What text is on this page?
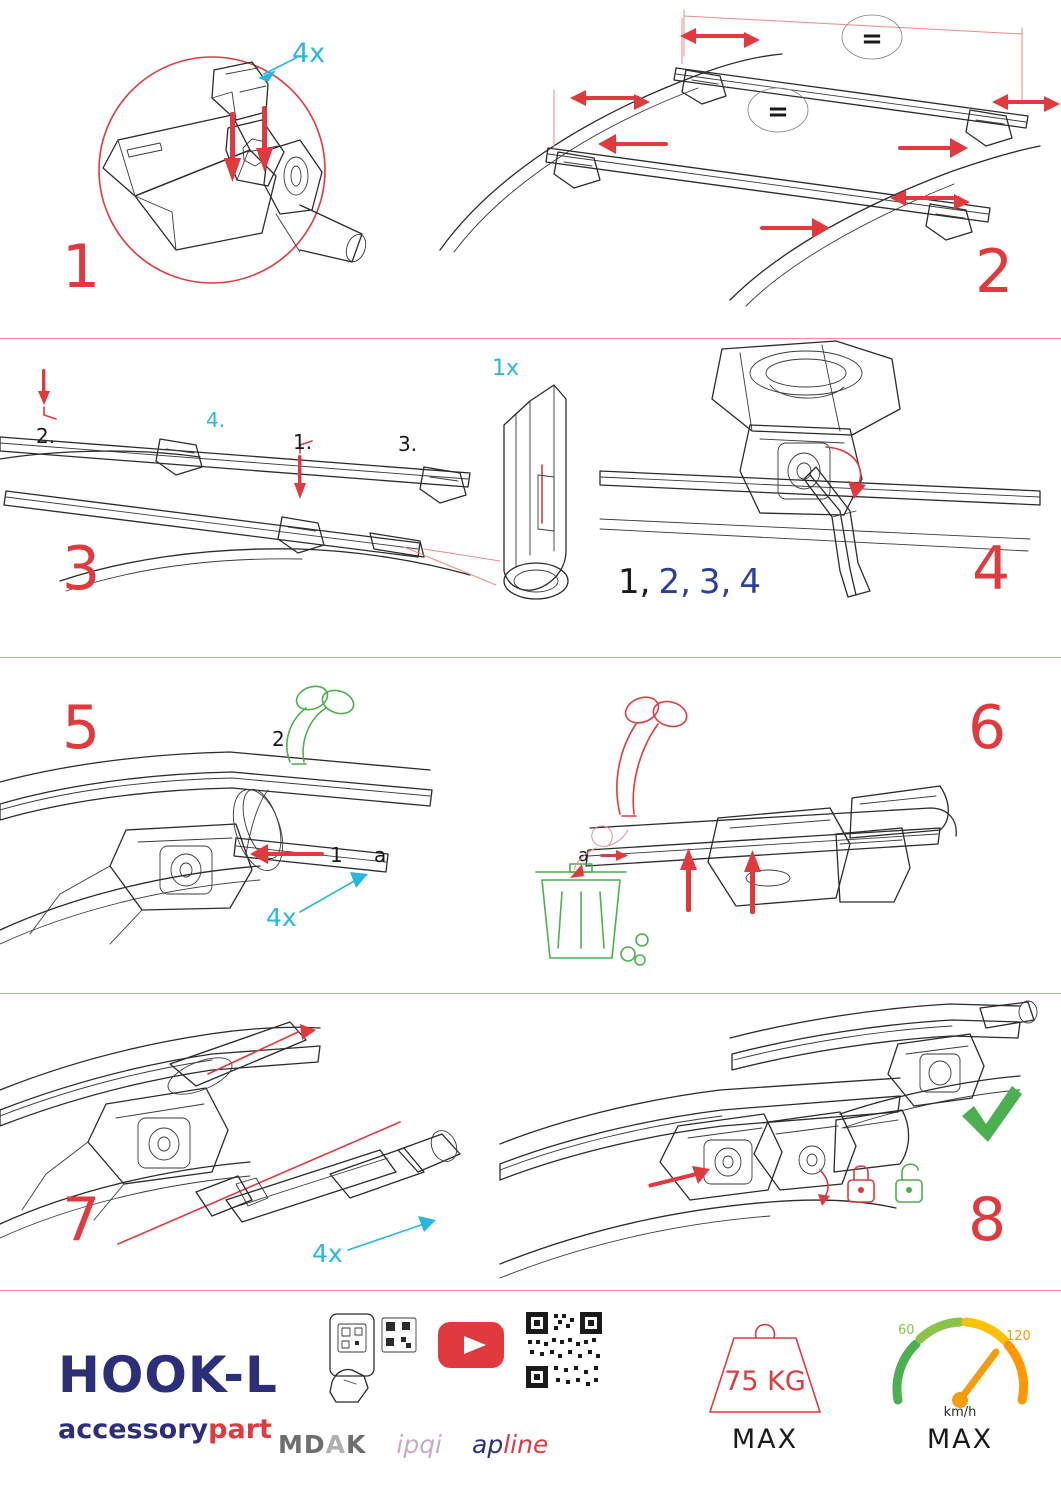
4x
1
=
=
2
1.
2.	3.
4.
3
1x
1, 2, 3, 4	4
1
2
a
4x
5
a
6
4x
7	8
HOOK-L
accessorypart MDAK ipqi apline
75 KG
MAX
60	120
km/h
MAX
